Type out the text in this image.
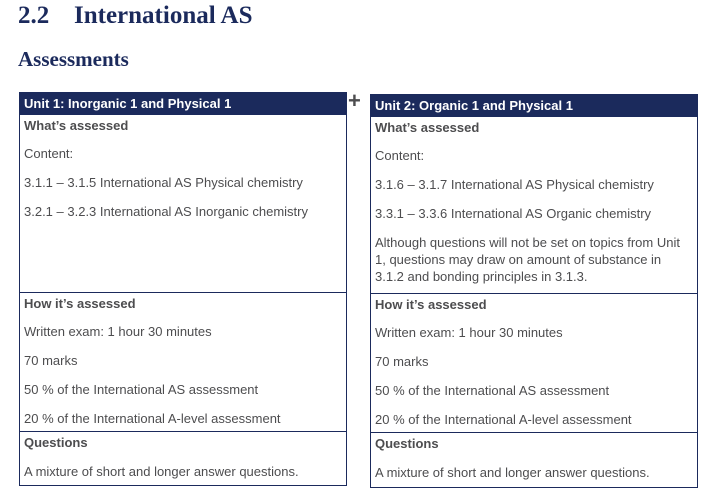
2.2 International AS
Assessments
+
Unit 1: Inorganic 1 and Physical 1
What’s assessed
Content:
3.1.1 – 3.1.5 International AS Physical chemistry
3.2.1 – 3.2.3 International AS Inorganic chemistry
How it’s assessed
Written exam: 1 hour 30 minutes
70 marks
50 % of the International AS assessment
20 % of the International A-level assessment
Questions
A mixture of short and longer answer questions.
Unit 2: Organic 1 and Physical 1
What’s assessed
Content:
3.1.6 – 3.1.7 International AS Physical chemistry
3.3.1 – 3.3.6 International AS Organic chemistry
Although questions will not be set on topics from Unit 1, questions may draw on amount of substance in 3.1.2 and bonding principles in 3.1.3.
How it’s assessed
Written exam: 1 hour 30 minutes
70 marks
50 % of the International AS assessment
20 % of the International A-level assessment
Questions
A mixture of short and longer answer questions.
